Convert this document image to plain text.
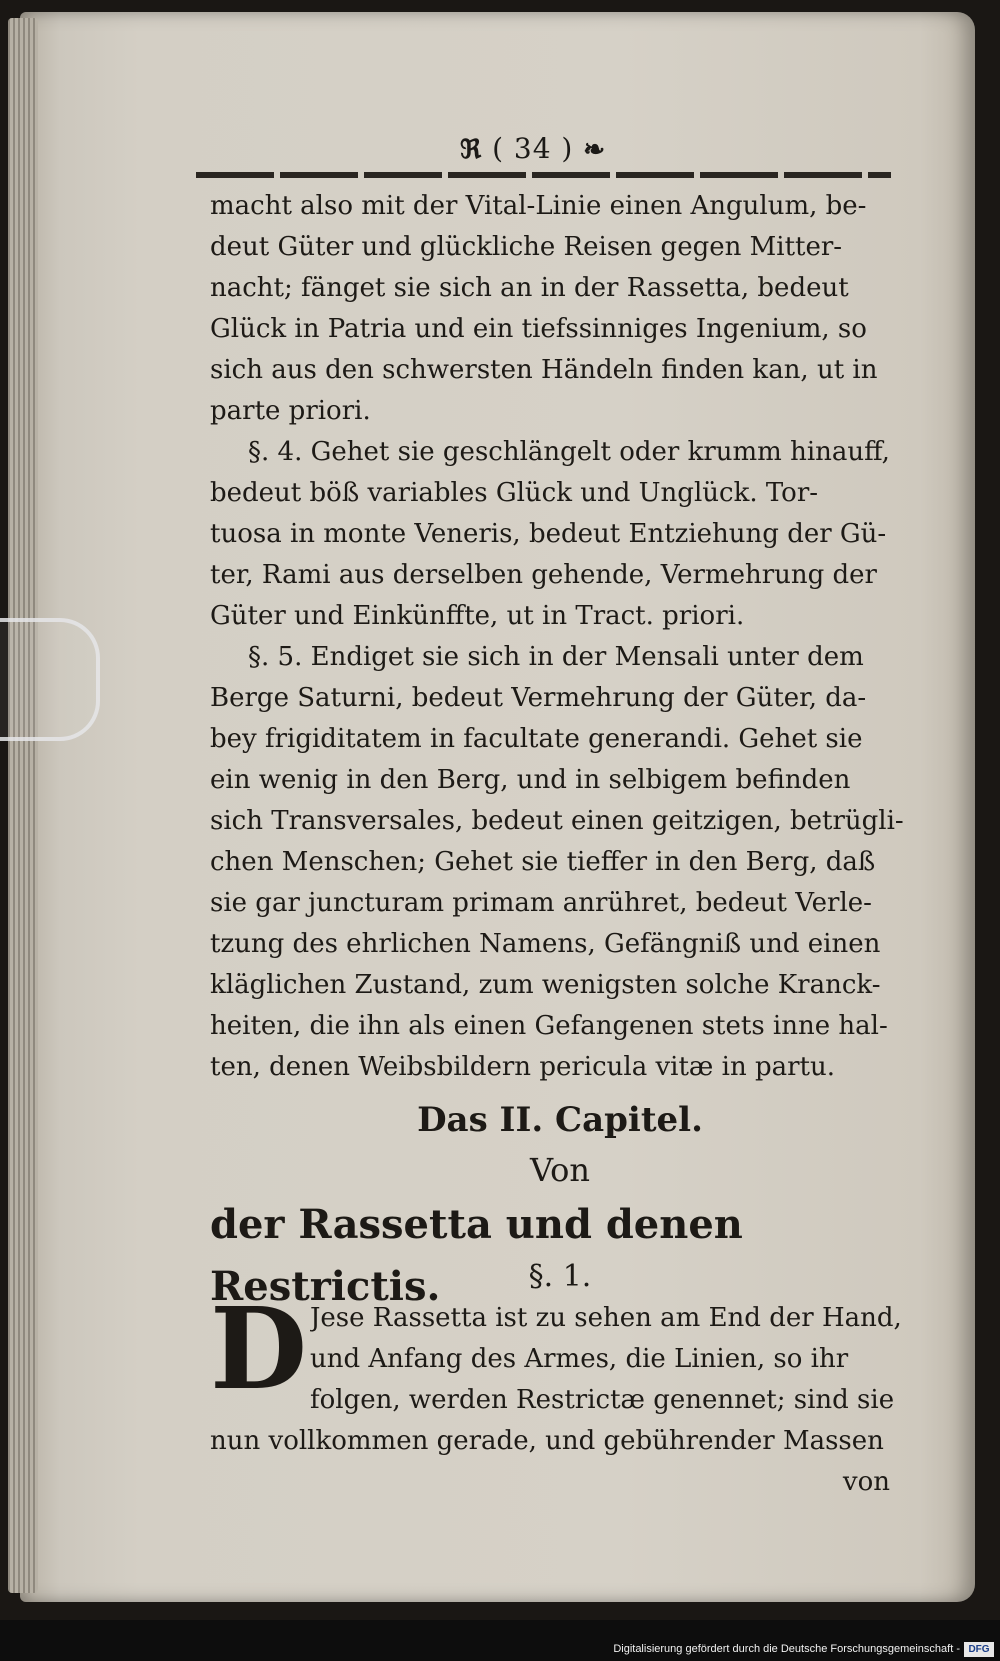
ℜ ( 34 ) ❧
macht also mit der Vital-Linie einen Angulum, be-
deut Güter und glückliche Reisen gegen Mitter-
nacht; fänget sie sich an in der Rassetta, bedeut
Glück in Patria und ein tiefssinniges Ingenium, so
sich aus den schwersten Händeln finden kan, ut in
parte priori.
§. 4. Gehet sie geschlängelt oder krumm hinauff,
bedeut böß variables Glück und Unglück. Tor-
tuosa in monte Veneris, bedeut Entziehung der Gü-
ter, Rami aus derselben gehende, Vermehrung der
Güter und Einkünffte, ut in Tract. priori.
§. 5. Endiget sie sich in der Mensali unter dem
Berge Saturni, bedeut Vermehrung der Güter, da-
bey frigiditatem in facultate generandi. Gehet sie
ein wenig in den Berg, und in selbigem befinden
sich Transversales, bedeut einen geitzigen, betrügli-
chen Menschen; Gehet sie tieffer in den Berg, daß
sie gar juncturam primam anrühret, bedeut Verle-
tzung des ehrlichen Namens, Gefängniß und einen
kläglichen Zustand, zum wenigsten solche Kranck-
heiten, die ihn als einen Gefangenen stets inne hal-
ten, denen Weibsbildern pericula vitæ in partu.
Das II. Capitel.
Von
der Rassetta und denen Restrictis.	§. 1.
D Jese Rassetta ist zu sehen am End der Hand,
und Anfang des Armes, die Linien, so ihr
folgen, werden Restrictæ genennet; sind sie
nun vollkommen gerade, und gebührender Massen
von
Digitalisierung gefördert durch die Deutsche Forschungsgemeinschaft - DFG
